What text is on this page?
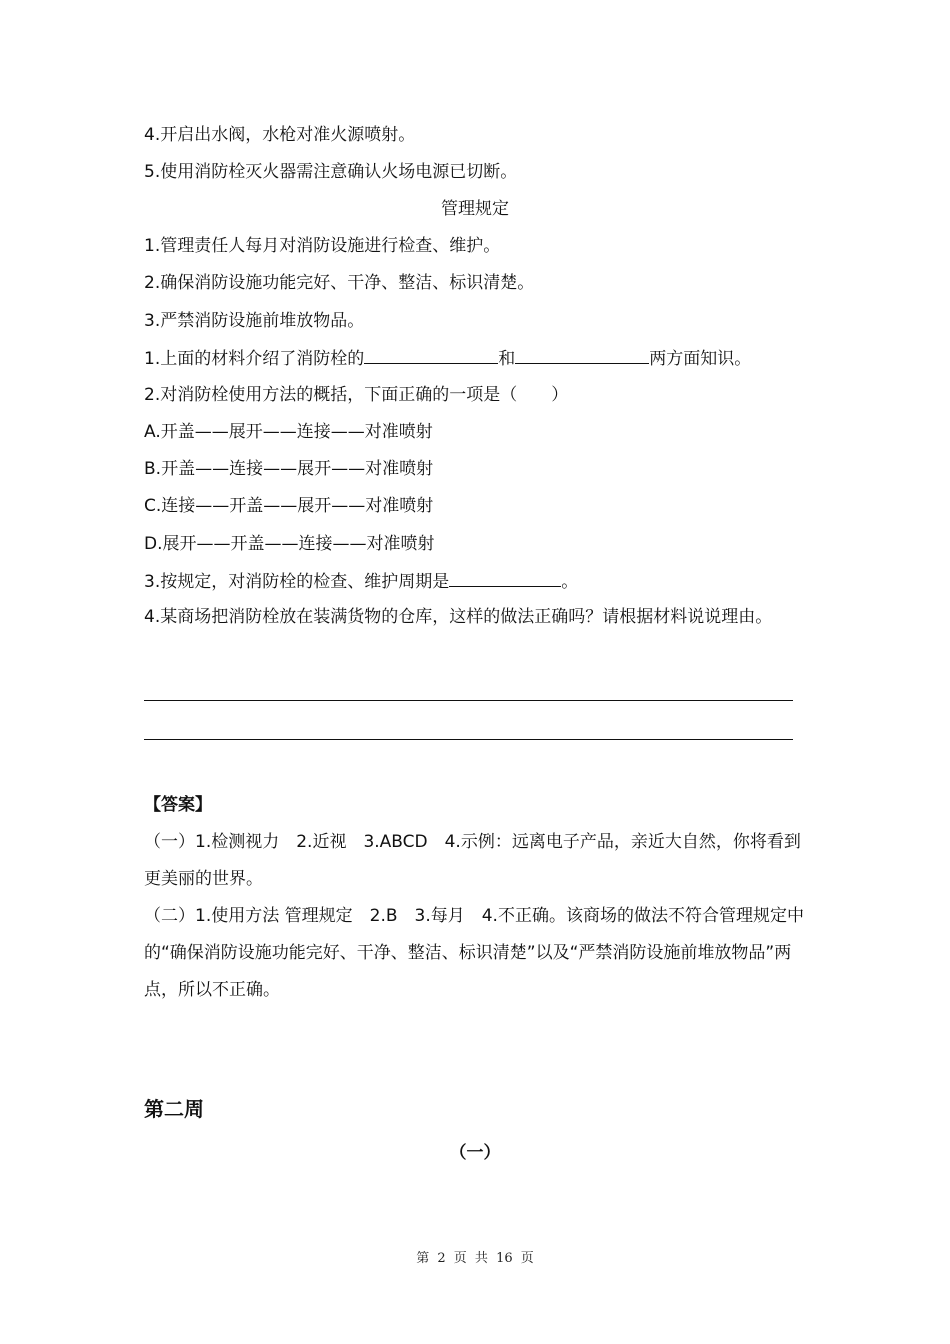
4.开启出水阀，水枪对准火源喷射。
5.使用消防栓灭火器需注意确认火场电源已切断。
管理规定
1.管理责任人每月对消防设施进行检查、维护。
2.确保消防设施功能完好、干净、整洁、标识清楚。
3.严禁消防设施前堆放物品。
1.上面的材料介绍了消防栓的	和	两方面知识。
2.对消防栓使用方法的概括，下面正确的一项是（　　）
A.开盖——展开——连接——对准喷射
B.开盖——连接——展开——对准喷射
C.连接——开盖——展开——对准喷射
D.展开——开盖——连接——对准喷射
3.按规定，对消防栓的检查、维护周期是	。
4.某商场把消防栓放在装满货物的仓库，这样的做法正确吗？请根据材料说说理由。
【答案】
（一）1.检测视力　2.近视　3.ABCD　4.示例：远离电子产品，亲近大自然，你将看到更美丽的世界。
（二）1.使用方法 管理规定　2.B　3.每月　4.不正确。该商场的做法不符合管理规定中的“确保消防设施功能完好、干净、整洁、标识清楚”以及“严禁消防设施前堆放物品”两点，所以不正确。
第二周
（一）
第 2 页 共 16 页
